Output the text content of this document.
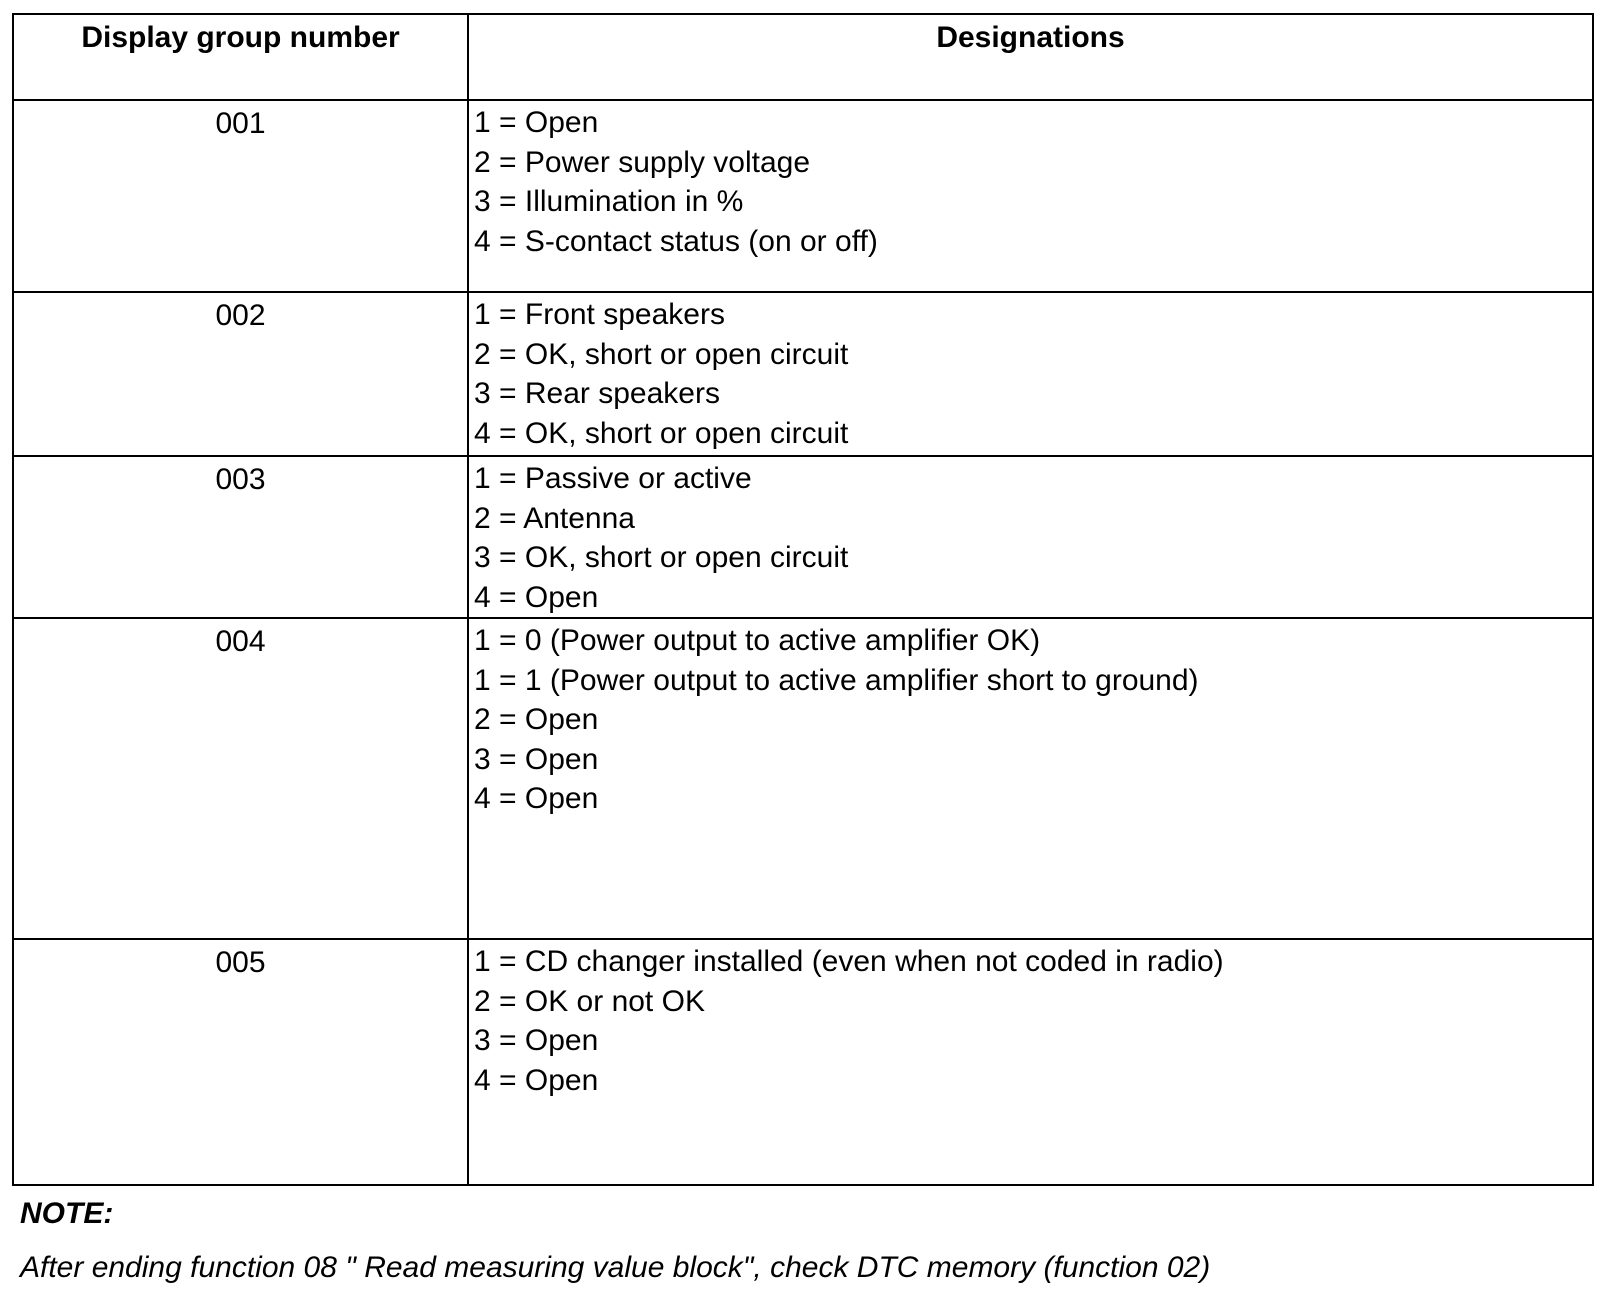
Display group number	Designations
001	1 = Open
2 = Power supply voltage
3 = Illumination in %
4 = S-contact status (on or off)

002	1 = Front speakers
2 = OK, short or open circuit
3 = Rear speakers
4 = OK, short or open circuit

003	1 = Passive or active
2 = Antenna
3 = OK, short or open circuit
4 = Open

004	1 = 0 (Power output to active amplifier OK)
1 = 1 (Power output to active amplifier short to ground)
2 = Open
3 = Open
4 = Open

005	1 = CD changer installed (even when not coded in radio)
2 = OK or not OK
3 = Open
4 = Open

NOTE:

After ending function 08 " Read measuring value block", check DTC memory (function 02)
